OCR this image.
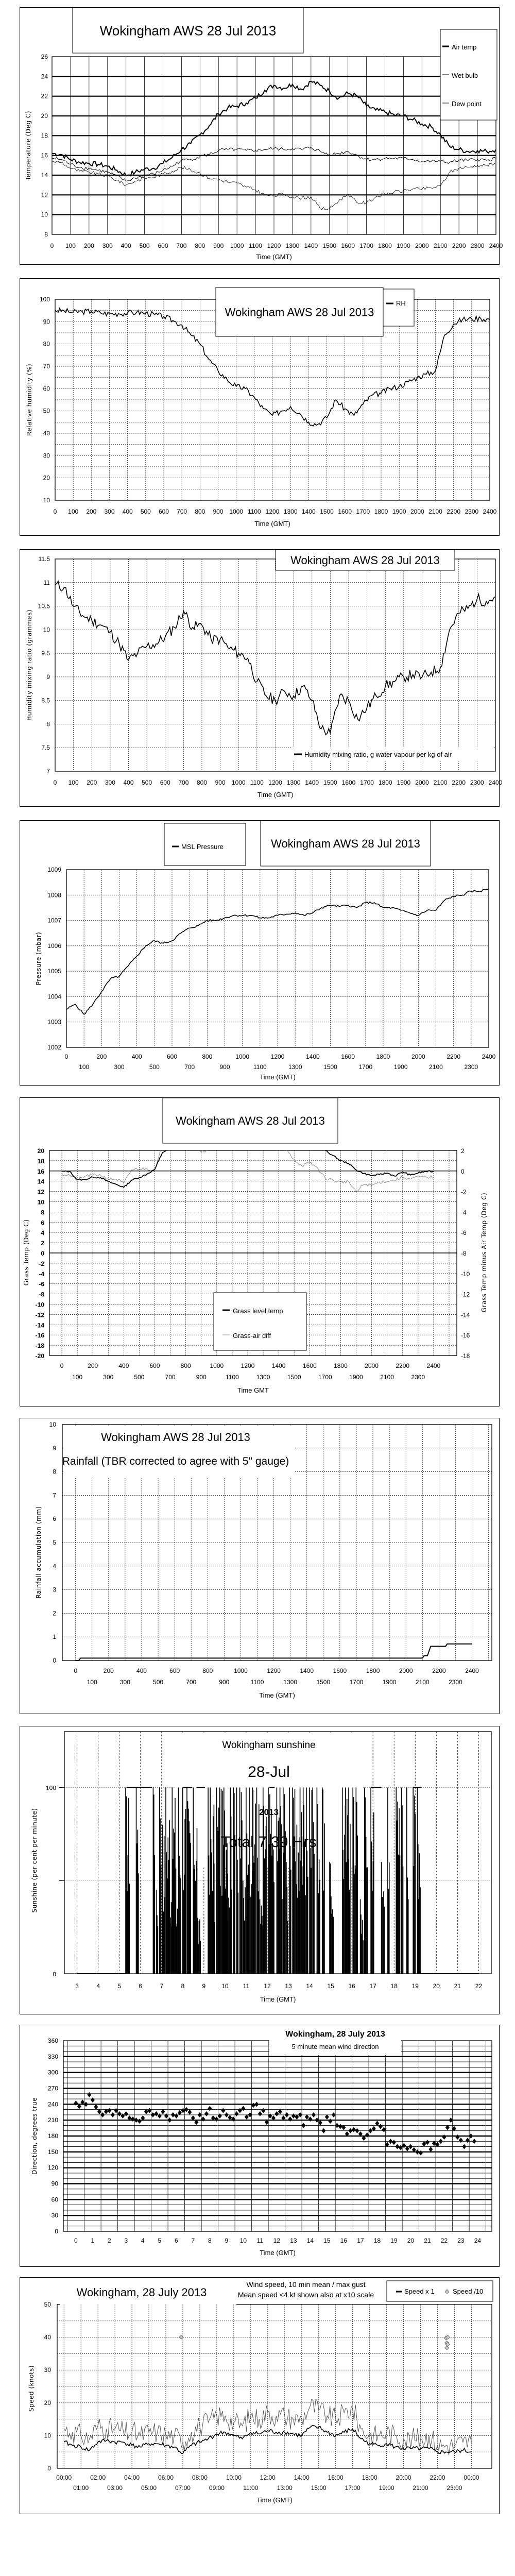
8
10
12
14
16
18
20
22
24
26
0 100 200 300 400 500 600 700 800 900 1000 1100 1200 1300 1400 1500 1600 1700 1800 1900 2000 2100 2200 2300 2400
Temperature (Deg C)
Time (GMT)
Wokingham AWS 28 Jul 2013
Air temp
Wet bulb
Dew point
10
20
30
40
50
60
70
80
90
100
0 100 200 300 400 500 600 700 800 900 1000 1100 1200 1300 1400 1500 1600 1700 1800 1900 2000 2100 2200 2300 2400
Relative humidity (%)
Time (GMT)
Wokingham AWS 28 Jul 2013
RH
7
7.5
8
8.5
9
9.5
10
10.5
11
11.5
0 100 200 300 400 500 600 700 800 900 1000 1100 1200 1300 1400 1500 1600 1700 1800 1900 2000 2100 2200 2300 2400
Humidity mixing ratio (grammes)
Time (GMT)
Wokingham AWS 28 Jul 2013
Humidity mixing ratio, g water vapour per kg of air
1002
1003
1004
1005
1006
1007
1008
1009
0	200	400	600	800	1000	1200	1400	1600	1800	2000	2200	2400
100	300	500	700	900	1100	1300	1500	1700	1900	2100	2300
Pressure (mbar)
Time (GMT)
MSL Pressure	Wokingham AWS 28 Jul 2013
-20
-18
-16
-14
-12
-10
-8
-6
-4
-2
0
2
4
6
8
10
12
14
16
18
20
-18
-16
-14
-12
-10
-8
-6
-4
-2
0
2
0	200	400	600	800	1000	1200	1400	1600	1800	2000	2200	2400
100	300	500	700	900	1100	1300	1500	1700	1900	2100	2300
Grass Temp (Deg C)	Grass Temp minus Air Temp (Deg C)
Time GMT
Wokingham AWS 28 Jul 2013
Grass level temp
Grass-air diff
0
1
2
3
4
5
6
7
8
9
10
0	200	400	600	800	1000	1200	1400	1600	1800	2000	2200	2400
100	300	500	700	900	1100	1300	1500	1700	1900	2100	2300
Rainfall accumulation (mm)
Time (GMT)
Wokingham AWS 28 Jul 2013
Rainfall (TBR corrected to agree with 5" gauge)
Wokingham sunshine
28-Jul
2013
Total 7.39 Hrs
0
100
3	4	5	6	7	8	9	10 11 12 13 14 15 16 17 18 19 20 21 22
Sunshine (per cent per minute)
Time (GMT)
Wokingham, 28 July 2013
5 minute mean wind direction
0
30
60
90
120
150
180
210
240
270
300
330
360
0 1 2 3 4 5 6 7 8 9 10 11 12 13 14 15 16 17 18 19 20 21 22 23 24
Direction, degrees true
Time (GMT)
0
10
20
30
40
50
00:00	02:00	04:00	06:00	08:00	10:00	12:00	14:00	16:00	18:00	20:00	22:00	00:00
01:00	03:00	05:00	07:00	09:00	11:00	13:00	15:00	17:00	19:00	21:00	23:00
Speed (knots)
Time (GMT)
Wokingham, 28 July 2013
Wind speed, 10 min mean / max gust
Mean speed <4 kt shown also at x10 scale	Speed x 1	Speed /10
